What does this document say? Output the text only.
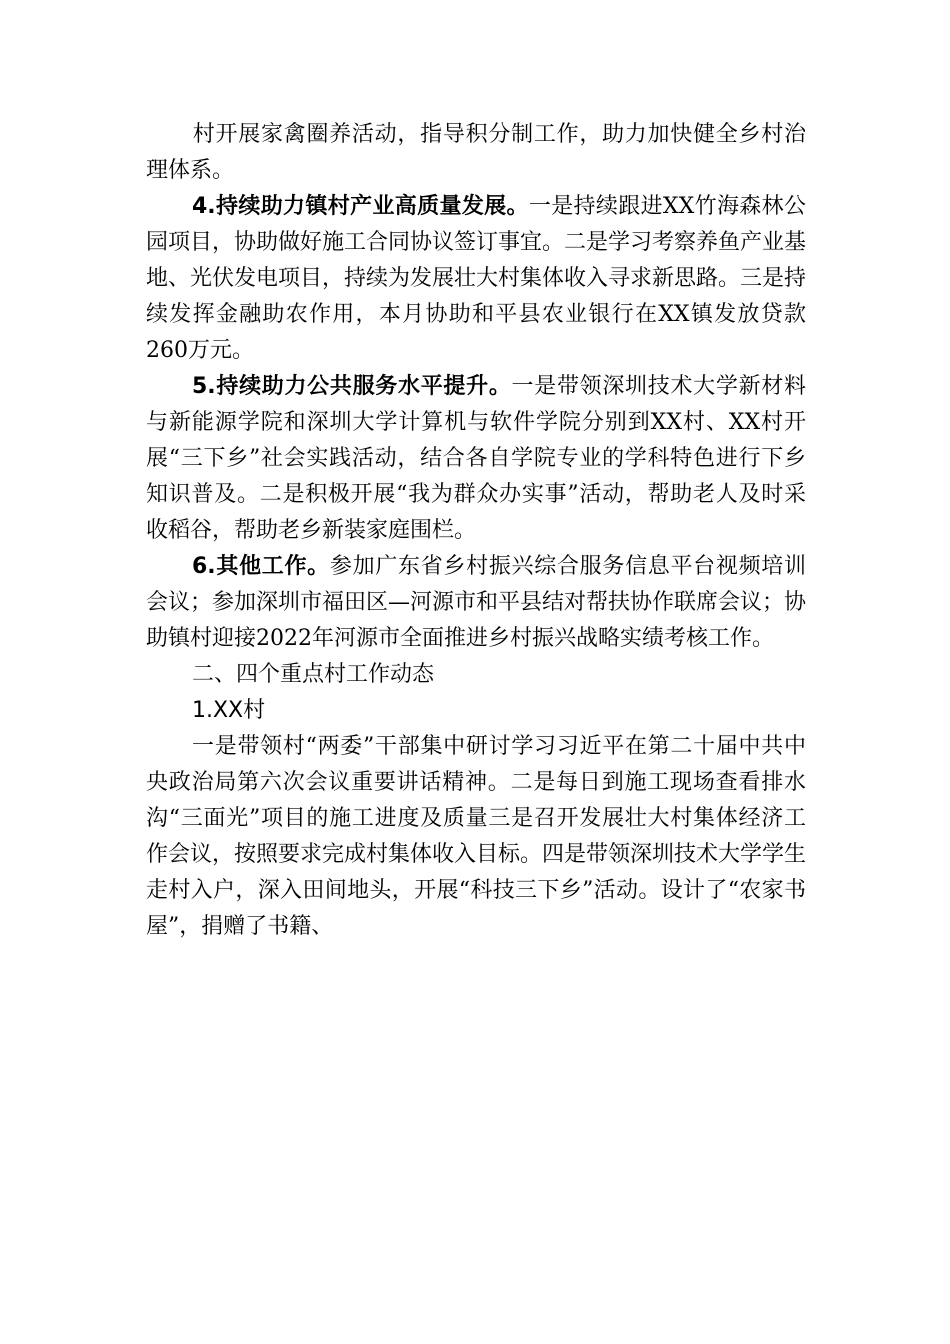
村开展家禽圈养活动，指导积分制工作，助力加快健全乡村治理体系。

4.持续助力镇村产业高质量发展。一是持续跟进XX竹海森林公园项目，协助做好施工合同协议签订事宜。二是学习考察养鱼产业基地、光伏发电项目，持续为发展壮大村集体收入寻求新思路。三是持续发挥金融助农作用，本月协助和平县农业银行在XX镇发放贷款260万元。

5.持续助力公共服务水平提升。一是带领深圳技术大学新材料与新能源学院和深圳大学计算机与软件学院分别到XX村、XX村开展“三下乡”社会实践活动，结合各自学院专业的学科特色进行下乡知识普及。二是积极开展“我为群众办实事”活动，帮助老人及时采收稻谷，帮助老乡新装家庭围栏。

6.其他工作。参加广东省乡村振兴综合服务信息平台视频培训会议；参加深圳市福田区—河源市和平县结对帮扶协作联席会议；协助镇村迎接2022年河源市全面推进乡村振兴战略实绩考核工作。

二、四个重点村工作动态

1.XX村

一是带领村“两委”干部集中研讨学习习近平在第二十届中共中央政治局第六次会议重要讲话精神。二是每日到施工现场查看排水沟“三面光”项目的施工进度及质量三是召开发展壮大村集体经济工作会议，按照要求完成村集体收入目标。四是带领深圳技术大学学生走村入户，深入田间地头，开展“科技三下乡”活动。设计了“农家书屋”，捐赠了书籍、
